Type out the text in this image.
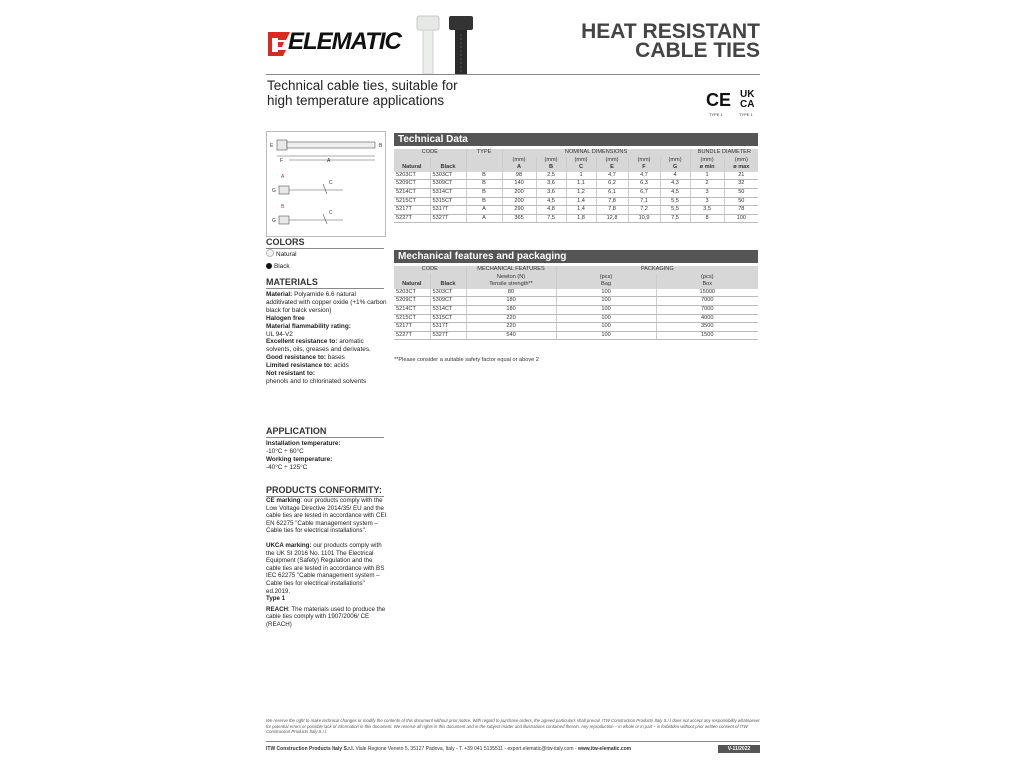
ELEMATIC	HEAT RESISTANT
CABLE TIES
Technical cable ties, suitable for
high temperature applications	CE UK
CA
TYPE 1	TYPE 1
E	B
F	A
A
G
C
B
G
C
COLORS

Natural

Black

MATERIALS

Material: Polyamide 6.6 natural additivated with copper oxide (+1% carbon black for balck version)

Halogen free

Material flammability rating:

UL 94-V2

Excellent resistance to: aromatic solvents, oils, greases and derivates.

Good resistance to: bases

Limited resistance to: acids

Not resistant to:

phenols and to chlorinated solvents

APPLICATION

Installation temperature:

-10°C ÷ 60°C

Working temperature:

-40°C ÷ 125°C

PRODUCTS CONFORMITY:

CE marking: our products comply with the Low Voltage Directive 2014/35/ EU and the cable ties are tested in accordance with CEI EN 62275 "Cable management system – Cable ties for electrical installations".

UKCA marking: our products comply with the UK SI 2016 No. 1101 The Electrical Equipment (Safety) Regulation and the cable ties are tested in accordance with BS IEC 62275 "Cable management system – Cable ties for electrical installations" ed.2019.

Type 1

REACH: The materials used to produce the cable ties comply with 1907/2006/ CE (REACH)

Technical Data
CODE		TYPE	NOMINAL DIMENSIONS						BUNDLE DIAMETER	
			(mm)	(mm)	(mm)	(mm)	(mm)	(mm)	(mm)	(mm)
Natural	Black		A	B	C	E	F	G	ø min	ø max
5203CT	5303CT	B	98	2,5	1	4,7	4,7	4	1	21
5209CT	5309CT	B	140	3,6	1,1	6,2	6,3	4,3	2	32
5214CT	5314CT	B	200	3,6	1,2	6,1	6,7	4,5	3	50
5215CT	5315CT	B	200	4,5	1,4	7,8	7,1	5,5	3	50
5217T	5317T	A	290	4,8	1,4	7,8	7,2	5,5	3,5	78
5227T	5327T	A	365	7,5	1,8	12,8	10,9	7,5	8	100
Mechanical features and packaging
CODE		MECHANICAL FEATURES	PACKAGING	
		Newton (N)	(pcs)	(pcs)
Natural	Black	Tensile strength**	Bag	Box
5203CT	5303CT	80	100	15000
5209CT	5309CT	180	100	7000
5214CT	5314CT	180	100	7000
5215CT	5315CT	220	100	4000
5217T	5317T	220	100	3500
5227T	5327T	540	100	1500
**Please consider a suitable safety factor equal or above 2
We reserve the right to make technical changes or modify the contents of this document without prior notice. With regard to purchase orders, the agreed particulars shall prevail. ITW Construction Products Italy S.r.l does not accept any responsibility whatsoever for potential errors or possible lack of information in this document. We reserve all rights in this document and in the subject matter and illustrations contained therein. Any reproduction – in whole or in part – is forbidden without prior written consent of ITW Construction Products Italy S.r.l.
ITW Construction Products Italy S.r.l. Viale Regione Veneto 5, 35127 Padova, Italy - T. +39 041 5135511 - export.elematic@itw-italy.com - www.itw-elematic.com	V-11/2022
